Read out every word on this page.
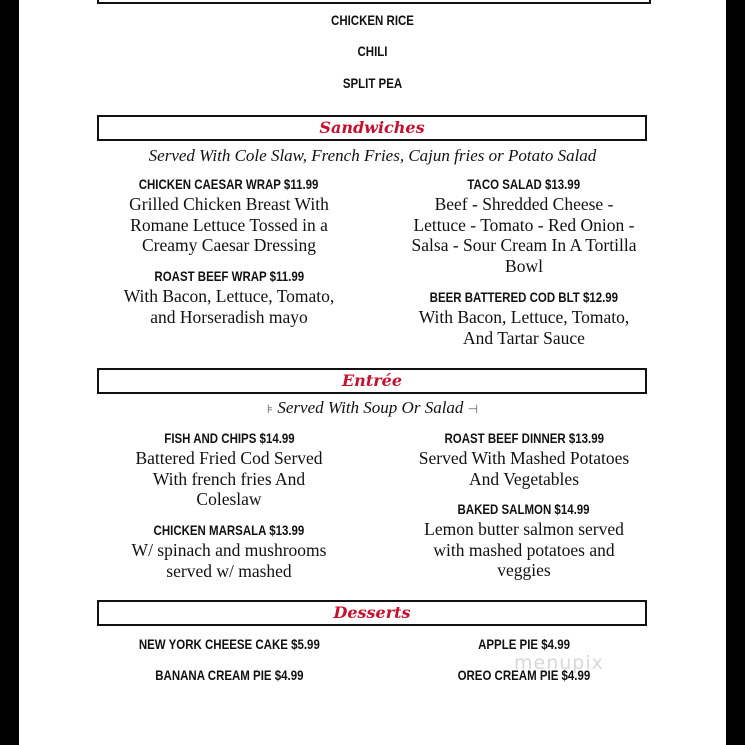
CHICKEN RICE
CHILI
SPLIT PEA
Sandwiches
Served With Cole Slaw, French Fries, Cajun fries or Potato Salad
CHICKEN CAESAR WRAP $11.99
Grilled Chicken Breast With
Romane Lettuce Tossed in a
Creamy Caesar Dressing
TACO SALAD $13.99
Beef - Shredded Cheese -
Lettuce - Tomato - Red Onion -
Salsa - Sour Cream In A Tortilla
Bowl
ROAST BEEF WRAP $11.99
With Bacon, Lettuce, Tomato,
and Horseradish mayo
BEER BATTERED COD BLT $12.99
With Bacon, Lettuce, Tomato,
And Tartar Sauce
Entrée
⊧ Served With Soup Or Salad ⊣
FISH AND CHIPS $14.99
Battered Fried Cod Served
With french fries And
Coleslaw
ROAST BEEF DINNER $13.99
Served With Mashed Potatoes
And Vegetables
CHICKEN MARSALA $13.99
W/ spinach and mushrooms
served w/ mashed
BAKED SALMON $14.99
Lemon butter salmon served
with mashed potatoes and
veggies
Desserts
NEW YORK CHEESE CAKE $5.99	APPLE PIE $4.99
BANANA CREAM PIE $4.99	OREO CREAM PIE $4.99
menupix
